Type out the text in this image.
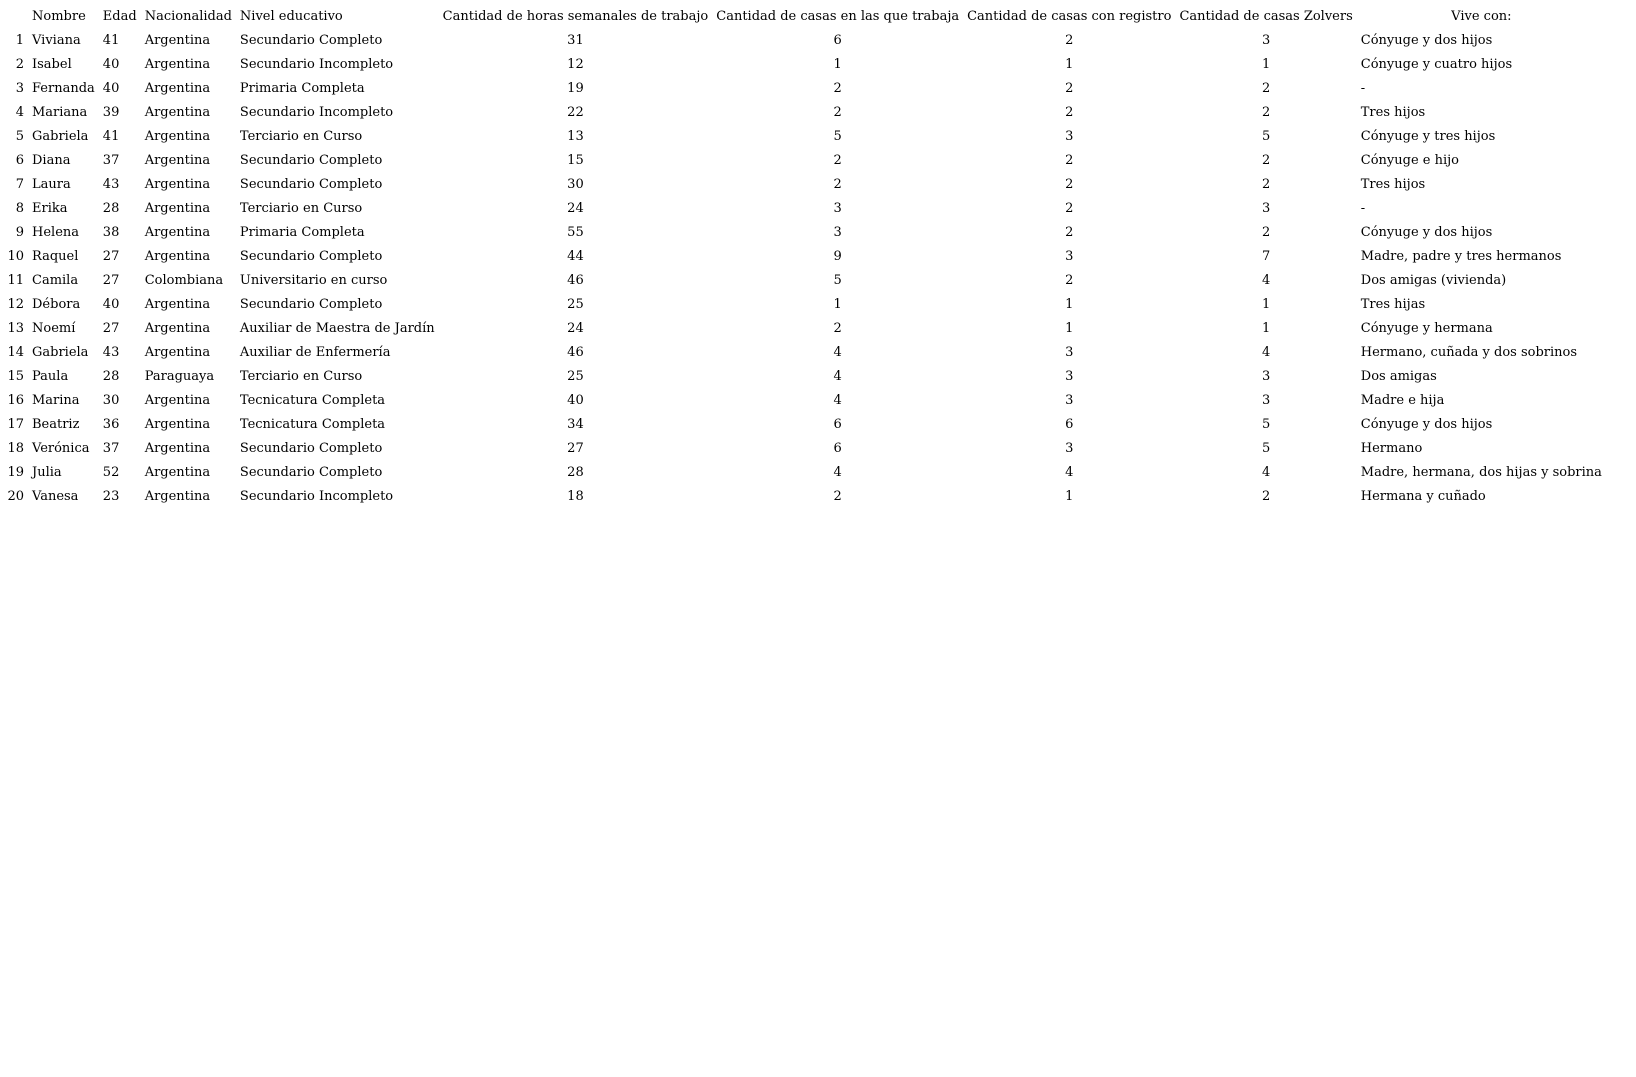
	Nombre	Edad	Nacionalidad	Nivel educativo	Cantidad de horas semanales de trabajo	Cantidad de casas en las que trabaja	Cantidad de casas con registro	Cantidad de casas Zolvers	Vive con:
1	Viviana	41	Argentina	Secundario Completo	31	6	2	3	Cónyuge y dos hijos
2	Isabel	40	Argentina	Secundario Incompleto	12	1	1	1	Cónyuge y cuatro hijos
3	Fernanda	40	Argentina	Primaria Completa	19	2	2	2	-
4	Mariana	39	Argentina	Secundario Incompleto	22	2	2	2	Tres hijos
5	Gabriela	41	Argentina	Terciario en Curso	13	5	3	5	Cónyuge y tres hijos
6	Diana	37	Argentina	Secundario Completo	15	2	2	2	Cónyuge e hijo
7	Laura	43	Argentina	Secundario Completo	30	2	2	2	Tres hijos
8	Erika	28	Argentina	Terciario en Curso	24	3	2	3	-
9	Helena	38	Argentina	Primaria Completa	55	3	2	2	Cónyuge y dos hijos
10	Raquel	27	Argentina	Secundario Completo	44	9	3	7	Madre, padre y tres hermanos
11	Camila	27	Colombiana	Universitario en curso	46	5	2	4	Dos amigas (vivienda)
12	Débora	40	Argentina	Secundario Completo	25	1	1	1	Tres hijas
13	Noemí	27	Argentina	Auxiliar de Maestra de Jardín	24	2	1	1	Cónyuge y hermana
14	Gabriela	43	Argentina	Auxiliar de Enfermería	46	4	3	4	Hermano, cuñada y dos sobrinos
15	Paula	28	Paraguaya	Terciario en Curso	25	4	3	3	Dos amigas
16	Marina	30	Argentina	Tecnicatura Completa	40	4	3	3	Madre e hija
17	Beatriz	36	Argentina	Tecnicatura Completa	34	6	6	5	Cónyuge y dos hijos
18	Verónica	37	Argentina	Secundario Completo	27	6	3	5	Hermano
19	Julia	52	Argentina	Secundario Completo	28	4	4	4	Madre, hermana, dos hijas y sobrina
20	Vanesa	23	Argentina	Secundario Incompleto	18	2	1	2	Hermana y cuñado
